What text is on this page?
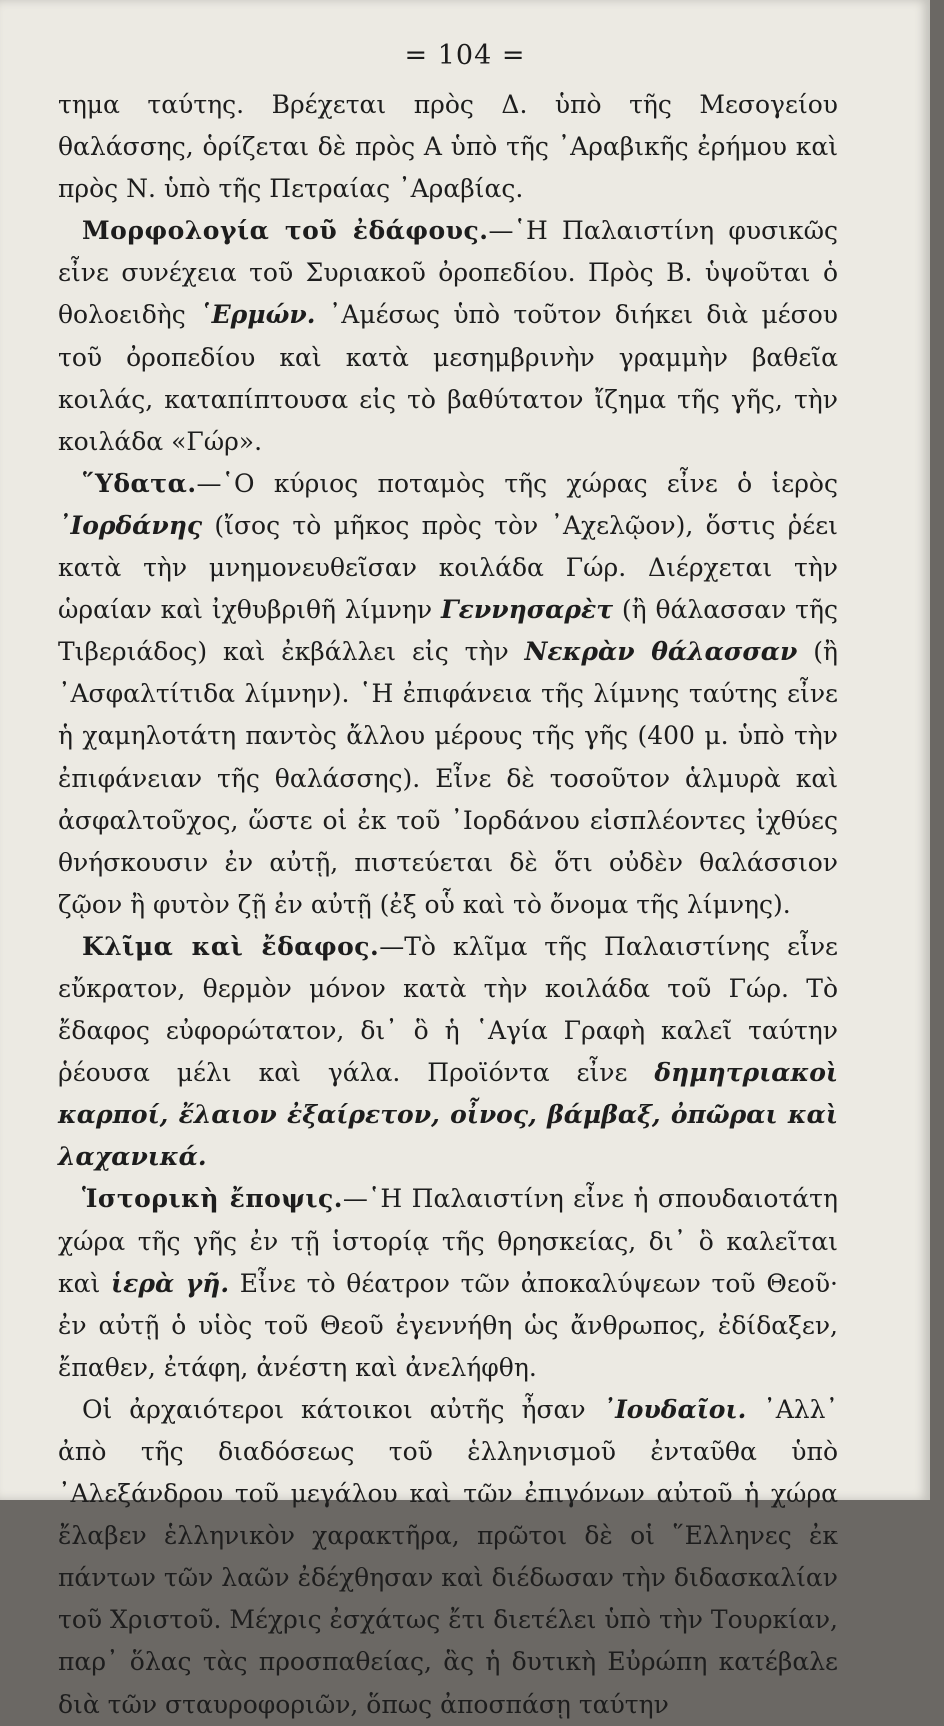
= 104 =

τημα ταύτης. Βρέχεται πρὸς Δ. ὑπὸ τῆς Μεσογείου θαλάσσης, ὁρίζεται δὲ πρὸς Α ὑπὸ τῆς ᾿Αραβικῆς ἐρήμου καὶ πρὸς Ν. ὑπὸ τῆς Πετραίας ᾿Αραβίας.

Μορφολογία τοῦ ἐδάφους.—῾Η Παλαιστίνη φυσικῶς εἶνε συνέχεια τοῦ Συριακοῦ ὀροπεδίου. Πρὸς Β. ὑψοῦται ὁ θολοειδὴς ῾Ερμών. ᾿Αμέσως ὑπὸ τοῦτον διήκει διὰ μέσου τοῦ ὀροπεδίου καὶ κατὰ μεσημβρινὴν γραμμὴν βαθεῖα κοιλάς, καταπίπτουσα εἰς τὸ βαθύτατον ἴζημα τῆς γῆς, τὴν κοιλάδα «Γώρ».

῞Υδατα.—῾Ο κύριος ποταμὸς τῆς χώρας εἶνε ὁ ἱερὸς ᾿Ιορδάνης (ἴσος τὸ μῆκος πρὸς τὸν ᾿Αχελῷον), ὅστις ῥέει κατὰ τὴν μνημονευθεῖσαν κοιλάδα Γώρ. Διέρχεται τὴν ὡραίαν καὶ ἰχθυβριθῆ λίμνην Γεννησαρὲτ (ἢ θάλασσαν τῆς Τιβεριάδος) καὶ ἐκβάλλει εἰς τὴν Νεκρὰν θάλασσαν (ἢ ᾿Ασφαλτίτιδα λίμνην). ῾Η ἐπιφάνεια τῆς λίμνης ταύτης εἶνε ἡ χαμηλοτάτη παντὸς ἄλλου μέρους τῆς γῆς (400 μ. ὑπὸ τὴν ἐπιφάνειαν τῆς θαλάσσης). Εἶνε δὲ τοσοῦτον ἁλμυρὰ καὶ ἀσφαλτοῦχος, ὥστε οἱ ἐκ τοῦ ᾿Ιορδάνου εἰσπλέοντες ἰχθύες θνήσκουσιν ἐν αὐτῇ, πιστεύεται δὲ ὅτι οὐδὲν θαλάσσιον ζῷον ἢ φυτὸν ζῇ ἐν αὐτῇ (ἐξ οὗ καὶ τὸ ὄνομα τῆς λίμνης).

Κλῖμα καὶ ἔδαφος.—Τὸ κλῖμα τῆς Παλαιστίνης εἶνε εὔκρατον, θερμὸν μόνον κατὰ τὴν κοιλάδα τοῦ Γώρ. Τὸ ἔδαφος εὐφορώτατον, δι᾿ ὃ ἡ ῾Αγία Γραφὴ καλεῖ ταύτην ῥέουσα μέλι καὶ γάλα. Προϊόντα εἶνε δημητριακοὶ καρποί, ἔλαιον ἐξαίρετον, οἶνος, βάμβαξ, ὀπῶραι καὶ λαχανικά.

Ἱστορικὴ ἔποψις.—῾Η Παλαιστίνη εἶνε ἡ σπουδαιοτάτη χώρα τῆς γῆς ἐν τῇ ἱστορίᾳ τῆς θρησκείας, δι᾿ ὃ καλεῖται καὶ ἱερὰ γῆ. Εἶνε τὸ θέατρον τῶν ἀποκαλύψεων τοῦ Θεοῦ· ἐν αὐτῇ ὁ υἱὸς τοῦ Θεοῦ ἐγεννήθη ὡς ἄνθρωπος, ἐδίδαξεν, ἔπαθεν, ἐτάφη, ἀνέστη καὶ ἀνελήφθη.

Οἱ ἀρχαιότεροι κάτοικοι αὐτῆς ἦσαν ᾿Ιουδαῖοι. ᾿Αλλ᾿ ἀπὸ τῆς διαδόσεως τοῦ ἑλληνισμοῦ ἐνταῦθα ὑπὸ ᾿Αλεξάνδρου τοῦ μεγάλου καὶ τῶν ἐπιγόνων αὐτοῦ ἡ χώρα ἔλαβεν ἑλληνικὸν χαρακτῆρα, πρῶτοι δὲ οἱ ῞Ελληνες ἐκ πάντων τῶν λαῶν ἐδέχθησαν καὶ διέδωσαν τὴν διδασκαλίαν τοῦ Χριστοῦ. Μέχρις ἐσχάτως ἔτι διετέλει ὑπὸ τὴν Τουρκίαν, παρ᾿ ὅλας τὰς προσπαθείας, ἃς ἡ δυτικὴ Εὐρώπη κατέβαλε διὰ τῶν σταυροφοριῶν, ὅπως ἀποσπάσῃ ταύτην
